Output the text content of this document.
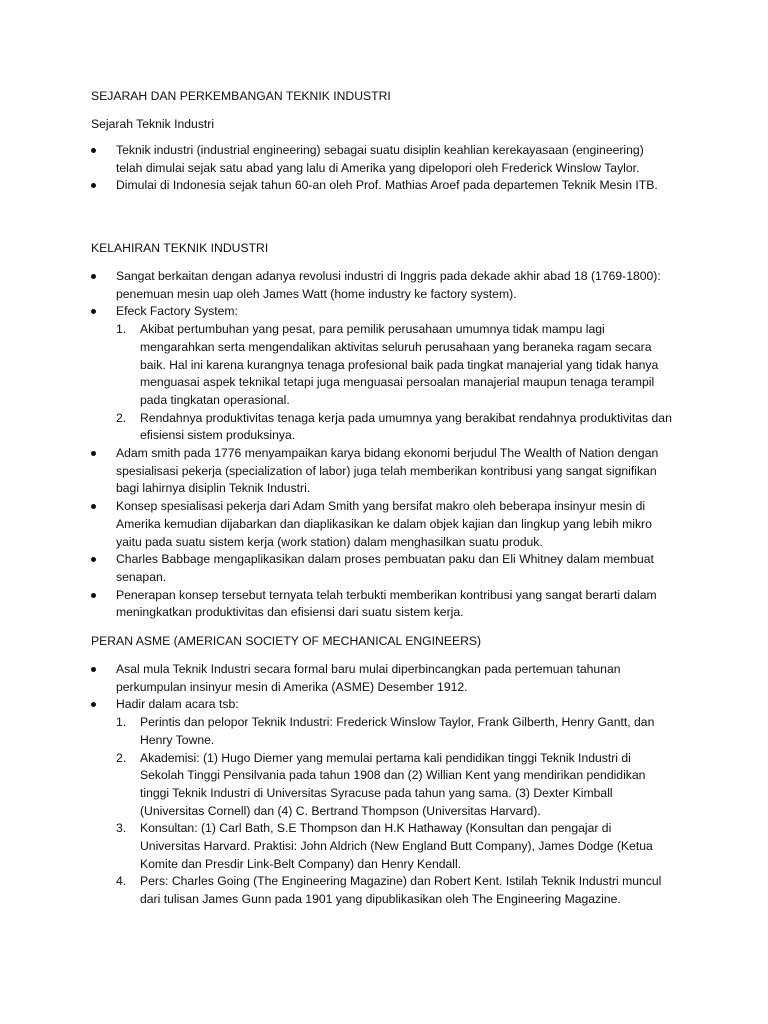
SEJARAH DAN PERKEMBANGAN TEKNIK INDUSTRI
Sejarah Teknik Industri
Teknik industri (industrial engineering) sebagai suatu disiplin keahlian kerekayasaan (engineering) telah dimulai sejak satu abad yang lalu di Amerika yang dipelopori oleh Frederick Winslow Taylor.
Dimulai di Indonesia sejak tahun 60-an oleh Prof. Mathias Aroef pada departemen Teknik Mesin ITB.
KELAHIRAN TEKNIK INDUSTRI
Sangat berkaitan dengan adanya revolusi industri di Inggris pada dekade akhir abad 18 (1769-1800): penemuan mesin uap oleh James Watt (home industry ke factory system).
Efeck Factory System:
1. Akibat pertumbuhan yang pesat, para pemilik perusahaan umumnya tidak mampu lagi mengarahkan serta mengendalikan aktivitas seluruh perusahaan yang beraneka ragam secara baik. Hal ini karena kurangnya tenaga profesional baik pada tingkat manajerial yang tidak hanya menguasai aspek teknikal tetapi juga menguasai persoalan manajerial maupun tenaga terampil pada tingkatan operasional.
2. Rendahnya produktivitas tenaga kerja pada umumnya yang berakibat rendahnya produktivitas dan efisiensi sistem produksinya.
Adam smith pada 1776 menyampaikan karya bidang ekonomi berjudul The Wealth of Nation dengan spesialisasi pekerja (specialization of labor) juga telah memberikan kontribusi yang sangat signifikan bagi lahirnya disiplin Teknik Industri.
Konsep spesialisasi pekerja dari Adam Smith yang bersifat makro oleh beberapa insinyur mesin di Amerika kemudian dijabarkan dan diaplikasikan ke dalam objek kajian dan lingkup yang lebih mikro yaitu pada suatu sistem kerja (work station) dalam menghasilkan suatu produk.
Charles Babbage mengaplikasikan dalam proses pembuatan paku dan Eli Whitney dalam membuat senapan.
Penerapan konsep tersebut ternyata telah terbukti memberikan kontribusi yang sangat berarti dalam meningkatkan produktivitas dan efisiensi dari suatu sistem kerja.
PERAN ASME (AMERICAN SOCIETY OF MECHANICAL ENGINEERS)
Asal mula Teknik Industri secara formal baru mulai diperbincangkan pada pertemuan tahunan perkumpulan insinyur mesin di Amerika (ASME) Desember 1912.
Hadir dalam acara tsb:
1. Perintis dan pelopor Teknik Industri: Frederick Winslow Taylor, Frank Gilberth, Henry Gantt, dan Henry Towne.
2. Akademisi: (1) Hugo Diemer yang memulai pertama kali pendidikan tinggi Teknik Industri di Sekolah Tinggi Pensilvania pada tahun 1908 dan (2) Willian Kent yang mendirikan pendidikan tinggi Teknik Industri di Universitas Syracuse pada tahun yang sama. (3) Dexter Kimball (Universitas Cornell) dan (4) C. Bertrand Thompson (Universitas Harvard).
3. Konsultan: (1) Carl Bath, S.E Thompson dan H.K Hathaway (Konsultan dan pengajar di Universitas Harvard. Praktisi: John Aldrich (New England Butt Company), James Dodge (Ketua Komite dan Presdir Link-Belt Company) dan Henry Kendall.
4. Pers: Charles Going (The Engineering Magazine) dan Robert Kent. Istilah Teknik Industri muncul dari tulisan James Gunn pada 1901 yang dipublikasikan oleh The Engineering Magazine.
